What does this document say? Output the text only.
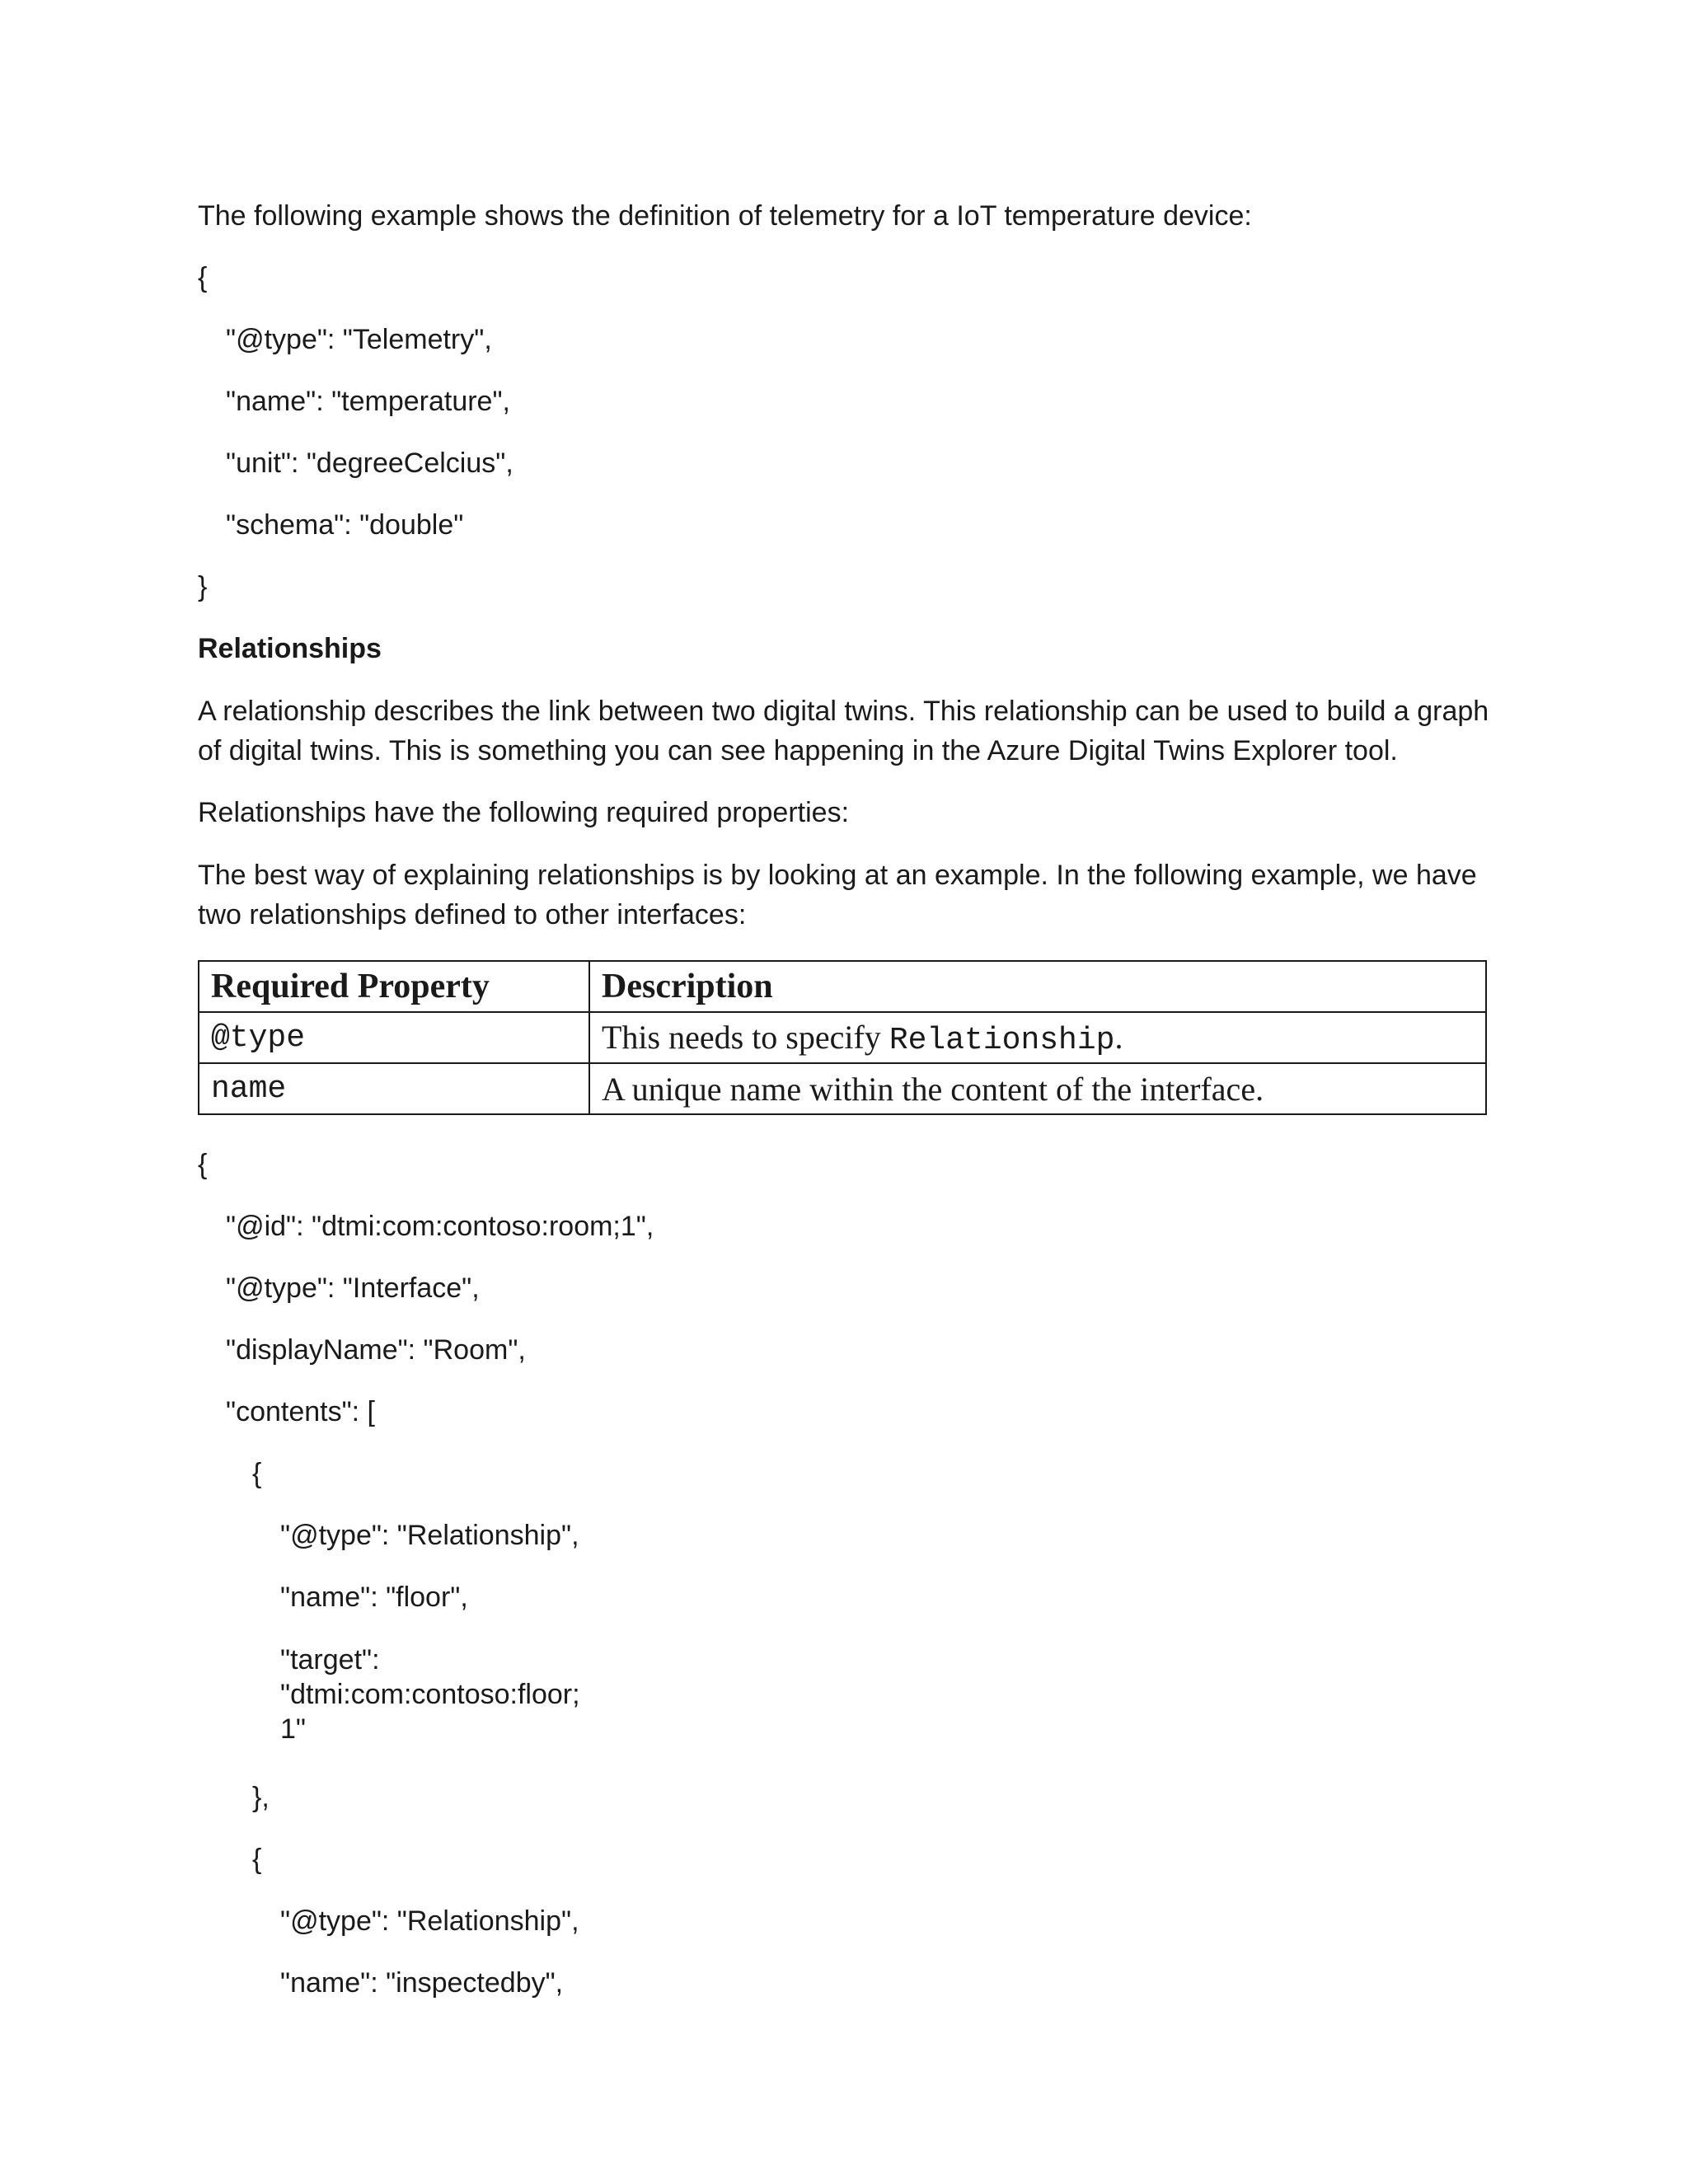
The following example shows the definition of telemetry for a IoT temperature device:
{
"@type": "Telemetry",
"name": "temperature",
"unit": "degreeCelcius",
"schema": "double"
}
Relationships
A relationship describes the link between two digital twins. This relationship can be used to build a graph of digital twins. This is something you can see happening in the Azure Digital Twins Explorer tool.
Relationships have the following required properties:
The best way of explaining relationships is by looking at an example. In the following example, we have two relationships defined to other interfaces:
Required Property	Description
@type	This needs to specify Relationship.
name	A unique name within the content of the interface.
{
"@id": "dtmi:com:contoso:room;1",
"@type": "Interface",
"displayName": "Room",
"contents": [
{
"@type": "Relationship",
"name": "floor",
"target":
"dtmi:com:contoso:floor;
1"
},
{
"@type": "Relationship",
"name": "inspectedby",
